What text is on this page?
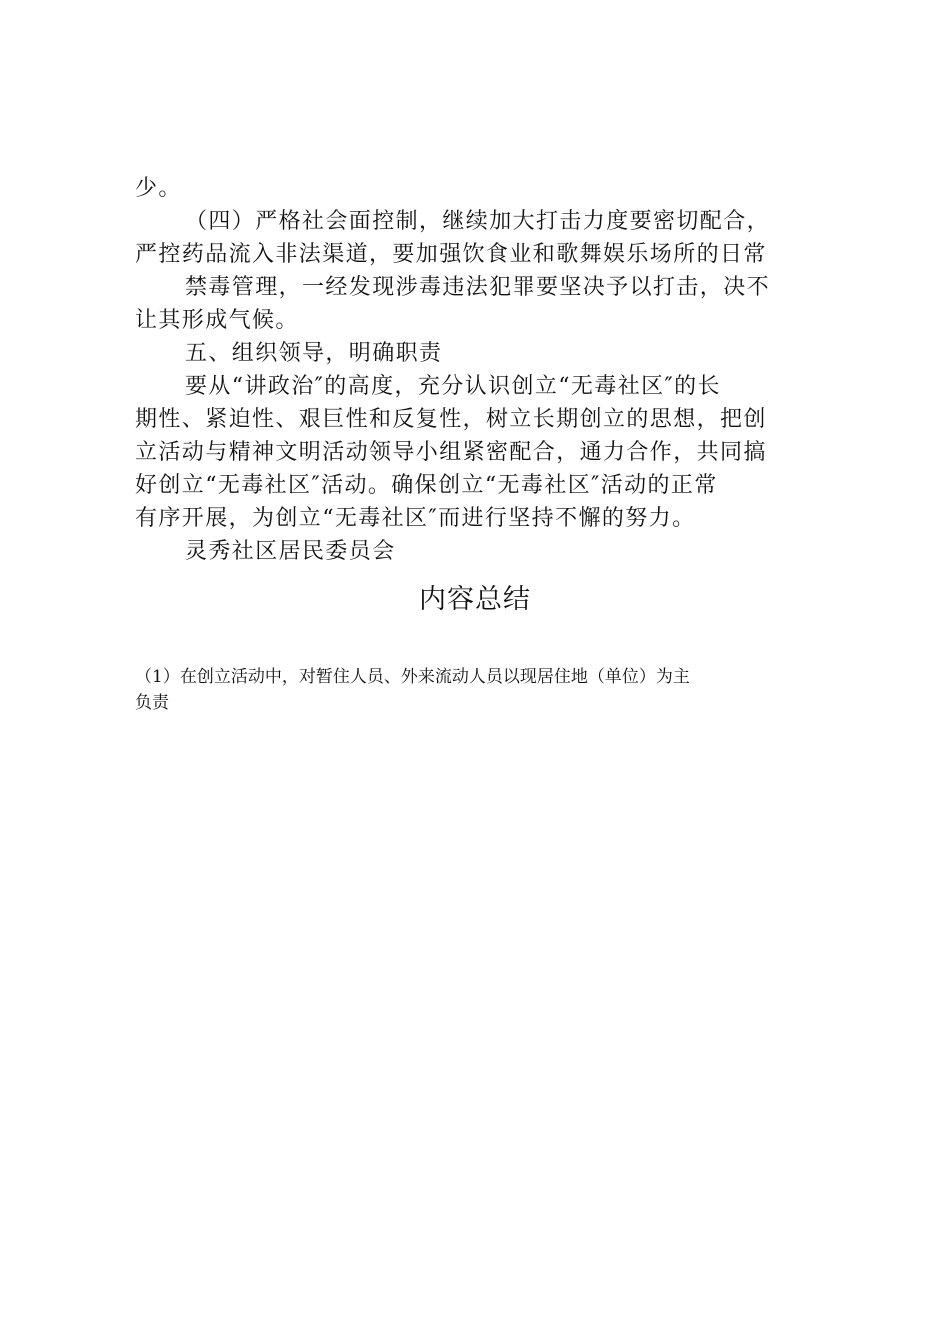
少。
（四）严格社会面控制，继续加大打击力度要密切配合，
严控药品流入非法渠道，要加强饮食业和歌舞娱乐场所的日常
禁毒管理，一经发现涉毒违法犯罪要坚决予以打击，决不
让其形成气候。
五、组织领导，明确职责
要从“讲政治″的高度，充分认识创立“无毒社区″的长
期性、紧迫性、艰巨性和反复性，树立长期创立的思想，把创
立活动与精神文明活动领导小组紧密配合，通力合作，共同搞
好创立“无毒社区″活动。确保创立“无毒社区″活动的正常
有序开展，为创立“无毒社区″而进行坚持不懈的努力。
灵秀社区居民委员会
内容总结
（1）在创立活动中，对暂住人员、外来流动人员以现居住地（单位）为主
负责
